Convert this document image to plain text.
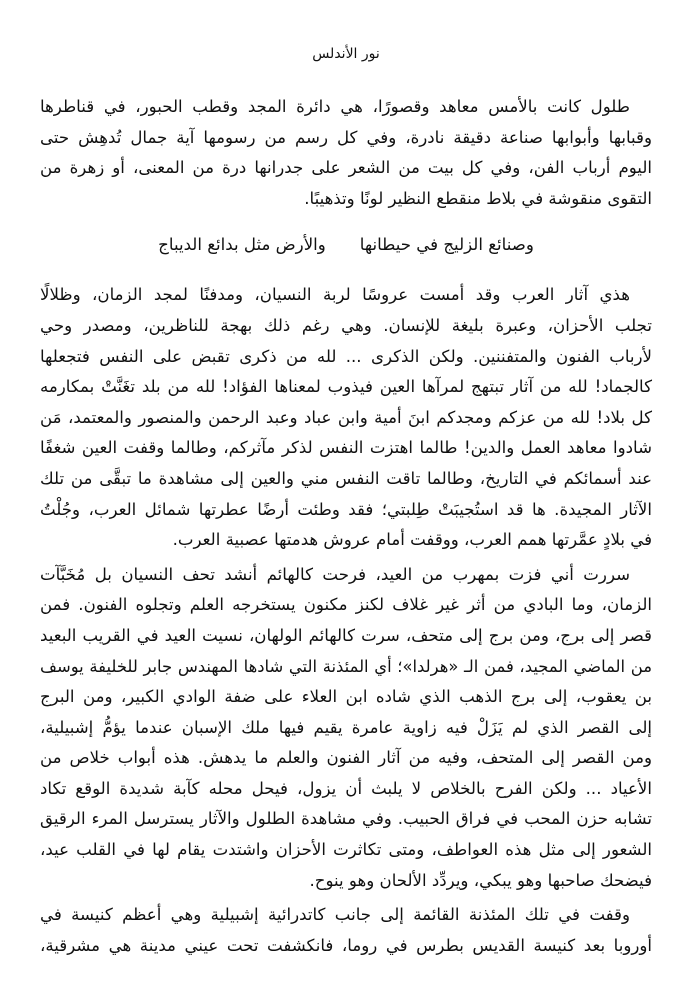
نور الأندلس

طلول كانت بالأمس معاهد وقصورًا، هي دائرة المجد وقطب الحبور، في قناطرها
وقبابها وأبوابها صناعة دقيقة نادرة، وفي كل رسم من رسومها آية جمال تُدهِش حتى
اليوم أرباب الفن، وفي كل بيت من الشعر على جدرانها درة من المعنى، أو زهرة من
التقوى منقوشة في بلاط منقطع النظير لونًا وتذهيبًا.

وصنائع الزليج في حيطانها
والأرض مثل بدائع الديباج

هذي آثار العرب وقد أمست عروسًا لربة النسيان، ومدفنًا لمجد الزمان، وظلالًا
تجلب الأحزان، وعبرة بليغة للإنسان. وهي رغم ذلك بهجة للناظرين، ومصدر وحي
لأرباب الفنون والمتفننين. ولكن الذكرى ... لله من ذكرى تقبض على النفس فتجعلها
كالجماد! لله من آثار تبتهج لمرآها العين فيذوب لمعناها الفؤاد! لله من بلد تغَنَّتْ بمكارمه
كل بلاد! لله من عزكم ومجدكم ابنَ أمية وابن عباد وعبد الرحمن والمنصور والمعتمد، مَن
شادوا معاهد العمل والدين! طالما اهتزت النفس لذكر مآثركم، وطالما وقفت العين شغفًا
عند أسمائكم في التاريخ، وطالما تاقت النفس مني والعين إلى مشاهدة ما تبقَّى من تلك
الآثار المجيدة. ها قد استُجيبَتْ طِلبتي؛ فقد وطئت أرضًا عطرتها شمائل العرب، وجُلْتُ
في بلادٍ عمَّرتها همم العرب، ووقفت أمام عروش هدمتها عصبية العرب.

سررت أني فزت بمهرب من العيد، فرحت كالهائم أنشد تحف النسيان بل مُخَبَّآت
الزمان، وما البادي من أثر غير غلاف لكنز مكنون يستخرجه العلم وتجلوه الفنون. فمن
قصر إلى برج، ومن برج إلى متحف، سرت كالهائم الولهان، نسيت العيد في القريب البعيد
من الماضي المجيد، فمن الـ «هرلدا»؛ أي المئذنة التي شادها المهندس جابر للخليفة يوسف
بن يعقوب، إلى برج الذهب الذي شاده ابن العلاء على ضفة الوادي الكبير، ومن البرج
إلى القصر الذي لم يَزَلْ فيه زاوية عامرة يقيم فيها ملك الإسبان عندما يؤمُّ إشبيلية،
ومن القصر إلى المتحف، وفيه من آثار الفنون والعلم ما يدهش. هذه أبواب خلاص من
الأعياد ... ولكن الفرح بالخلاص لا يلبث أن يزول، فيحل محله كآبة شديدة الوقع تكاد
تشابه حزن المحب في فراق الحبيب. وفي مشاهدة الطلول والآثار يسترسل المرء الرقيق
الشعور إلى مثل هذه العواطف، ومتى تكاثرت الأحزان واشتدت يقام لها في القلب عيد،
فيضحك صاحبها وهو يبكي، ويردِّد الألحان وهو ينوح.

وقفت في تلك المئذنة القائمة إلى جانب كاتدرائية إشبيلية وهي أعظم كنيسة في
أوروبا بعد كنيسة القديس بطرس في روما، فانكشفت تحت عيني مدينة هي مشرقية،
